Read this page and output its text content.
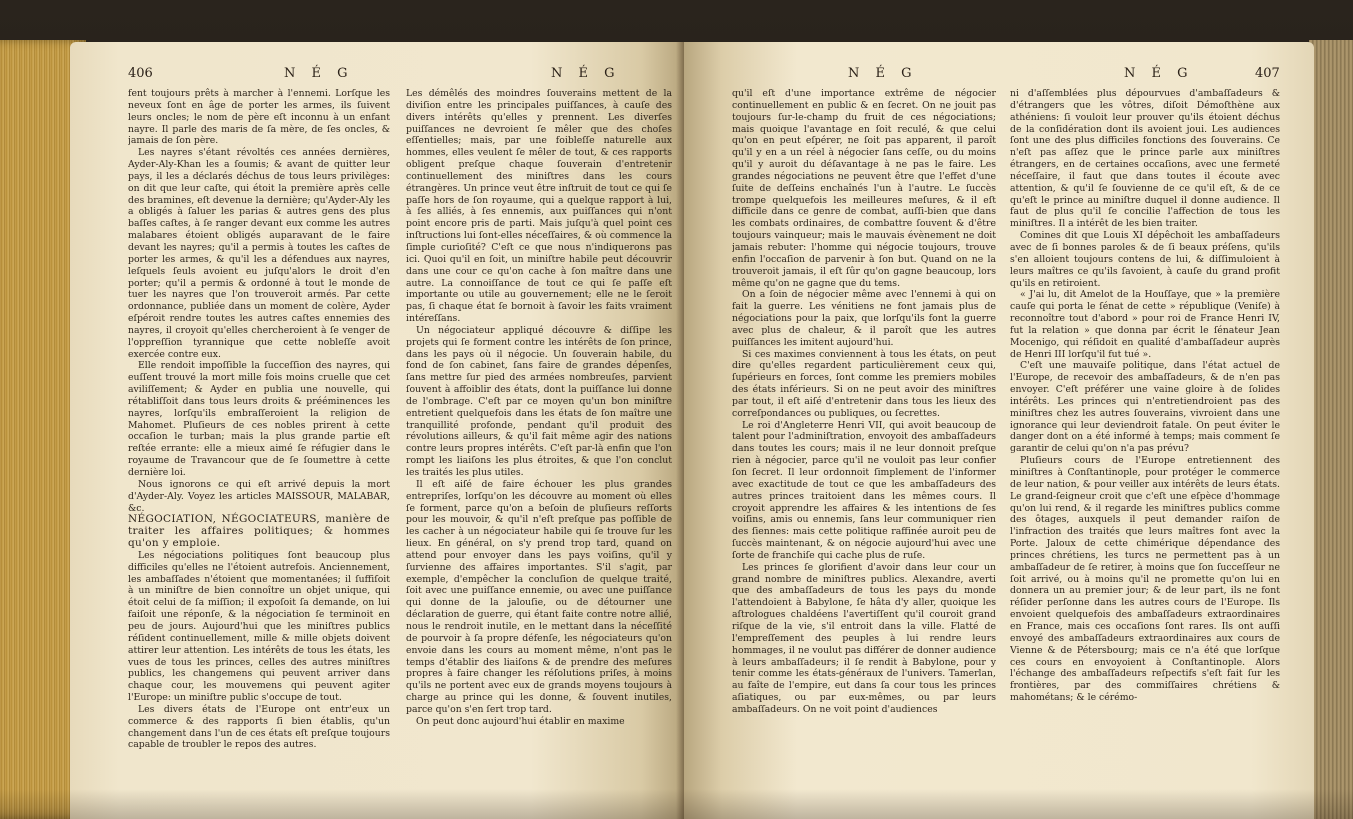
406	N É G	N É G

fent toujours prêts à marcher à l'ennemi. Lorſque les neveux ſont en âge de porter les armes, ils ſuivent leurs oncles; le nom de père eſt inconnu à un enfant nayre. Il parle des maris de ſa mère, de ſes oncles, & jamais de ſon père.

Les nayres s'étant révoltés ces années dernières, Ayder-Aly-Khan les a ſoumis; & avant de quitter leur pays, il les a déclarés déchus de tous leurs privilèges: on dit que leur caſte, qui étoit la première après celle des bramines, eſt devenue la dernière; qu'Ayder-Aly les a obligés à ſaluer les parias & autres gens des plus baſſes caſtes, à ſe ranger devant eux comme les autres malabares étoient obligés auparavant de le faire devant les nayres; qu'il a permis à toutes les caſtes de porter les armes, & qu'il les a défendues aux nayres, leſquels ſeuls avoient eu juſqu'alors le droit d'en porter; qu'il a permis & ordonné à tout le monde de tuer les nayres que l'on trouveroit armés. Par cette ordonnance, publiée dans un moment de colère, Ayder eſpéroit rendre toutes les autres caſtes ennemies des nayres, il croyoit qu'elles chercheroient à ſe venger de l'oppreſſion tyrannique que cette nobleſſe avoit exercée contre eux.

Elle rendoit impoſſible la ſucceſſion des nayres, qui euſſent trouvé la mort mille fois moins cruelle que cet aviliſſement; & Ayder en publia une nouvelle, qui rétabliſſoit dans tous leurs droits & prééminences les nayres, lorſqu'ils embraſſeroient la religion de Mahomet. Pluſieurs de ces nobles prirent à cette occaſion le turban; mais la plus grande partie eſt reſtée errante: elle a mieux aimé ſe réfugier dans le royaume de Travancour que de ſe ſoumettre à cette dernière loi.

Nous ignorons ce qui eſt arrivé depuis la mort d'Ayder-Aly. Voyez les articles MAISSOUR, MALABAR, &c.

NÉGOCIATION, NÉGOCIATEURS, manière de traiter les affaires politiques; & hommes qu'on y emploie.

Les négociations politiques ſont beaucoup plus difficiles qu'elles ne l'étoient autrefois. Anciennement, les ambaſſades n'étoient que momentanées; il ſuffiſoit à un miniſtre de bien connoître un objet unique, qui étoit celui de ſa miſſion; il expoſoit ſa demande, on lui faiſoit une réponſe, & la négociation ſe terminoit en peu de jours. Aujourd'hui que les miniſtres publics réſident continuellement, mille & mille objets doivent attirer leur attention. Les intérêts de tous les états, les vues de tous les princes, celles des autres miniſtres publics, les changemens qui peuvent arriver dans chaque cour, les mouvemens qui peuvent agiter l'Europe: un miniſtre public s'occupe de tout.

Les divers états de l'Europe ont entr'eux un commerce & des rapports ſi bien établis, qu'un changement dans l'un de ces états eſt preſque toujours capable de troubler le repos des autres.

Les démêlés des moindres ſouverains mettent de la diviſion entre les principales puiſſances, à cauſe des divers intérêts qu'elles y prennent. Les diverſes puiſſances ne devroient ſe mêler que des choſes eſſentielles; mais, par une foibleſſe naturelle aux hommes, elles veulent ſe mêler de tout, & ces rapports obligent preſque chaque ſouverain d'entretenir continuellement des miniſtres dans les cours étrangères. Un prince veut être inſtruit de tout ce qui ſe paſſe hors de ſon royaume, qui a quelque rapport à lui, à ſes alliés, à ſes ennemis, aux puiſſances qui n'ont point encore pris de parti. Mais juſqu'à quel point ces inſtructions lui ſont-elles néceſſaires, & où commence la ſimple curioſité? C'eſt ce que nous n'indiquerons pas ici. Quoi qu'il en ſoit, un miniſtre habile peut découvrir dans une cour ce qu'on cache à ſon maître dans une autre. La connoiſſance de tout ce qui ſe paſſe eſt importante ou utile au gouvernement; elle ne le ſeroit pas, ſi chaque état ſe bornoit à ſavoir les faits vraiment intéreſſans.

Un négociateur appliqué découvre & diſſipe les projets qui ſe forment contre les intérêts de ſon prince, dans les pays où il négocie. Un ſouverain habile, du fond de ſon cabinet, ſans faire de grandes dépenſes, ſans mettre ſur pied des armées nombreuſes, parvient ſouvent à affoiblir des états, dont la puiſſance lui donne de l'ombrage. C'eſt par ce moyen qu'un bon miniſtre entretient quelquefois dans les états de ſon maître une tranquillité profonde, pendant qu'il produit des révolutions ailleurs, & qu'il fait même agir des nations contre leurs propres intérêts. C'eſt par-là enfin que l'on rompt les liaiſons les plus étroites, & que l'on conclut les traités les plus utiles.

Il eſt aiſé de faire échouer les plus grandes entrepriſes, lorſqu'on les découvre au moment où elles ſe forment, parce qu'on a beſoin de pluſieurs reſſorts pour les mouvoir, & qu'il n'eſt preſque pas poſſible de les cacher à un négociateur habile qui ſe trouve ſur les lieux. En général, on s'y prend trop tard, quand on attend pour envoyer dans les pays voiſins, qu'il y ſurvienne des affaires importantes. S'il s'agit, par exemple, d'empêcher la concluſion de quelque traité, ſoit avec une puiſſance ennemie, ou avec une puiſſance qui donne de la jalouſie, ou de détourner une déclaration de guerre, qui étant faite contre notre allié, nous le rendroit inutile, en le mettant dans la néceſſité de pourvoir à ſa propre défenſe, les négociateurs qu'on envoie dans les cours au moment même, n'ont pas le temps d'établir des liaiſons & de prendre des meſures propres à faire changer les réſolutions priſes, à moins qu'ils ne portent avec eux de grands moyens toujours à charge au prince qui les donne, & ſouvent inutiles, parce qu'on s'en ſert trop tard.

On peut donc aujourd'hui établir en maxime

N É G	N É G	407

qu'il eſt d'une importance extrême de négocier continuellement en public & en ſecret. On ne jouit pas toujours ſur-le-champ du fruit de ces négociations; mais quoique l'avantage en ſoit reculé, & que celui qu'on en peut eſpérer, ne ſoit pas apparent, il paroît qu'il y en a un réel à négocier ſans ceſſe, ou du moins qu'il y auroit du déſavantage à ne pas le faire. Les grandes négociations ne peuvent être que l'effet d'une ſuite de deſſeins enchaînés l'un à l'autre. Le ſuccès trompe quelquefois les meilleures meſures, & il eſt difficile dans ce genre de combat, auſſi-bien que dans les combats ordinaires, de combattre ſouvent & d'être toujours vainqueur; mais le mauvais évènement ne doit jamais rebuter: l'homme qui négocie toujours, trouve enfin l'occaſion de parvenir à ſon but. Quand on ne la trouveroit jamais, il eſt ſûr qu'on gagne beaucoup, lors même qu'on ne gagne que du tems.

On a ſoin de négocier même avec l'ennemi à qui on fait la guerre. Les vénitiens ne font jamais plus de négociations pour la paix, que lorſqu'ils font la guerre avec plus de chaleur, & il paroît que les autres puiſſances les imitent aujourd'hui.

Si ces maximes conviennent à tous les états, on peut dire qu'elles regardent particulièrement ceux qui, ſupérieurs en forces, ſont comme les premiers mobiles des états inférieurs. Si on ne peut avoir des miniſtres par tout, il eſt aiſé d'entretenir dans tous les lieux des correſpondances ou publiques, ou ſecrettes.

Le roi d'Angleterre Henri VII, qui avoit beaucoup de talent pour l'adminiſtration, envoyoit des ambaſſadeurs dans toutes les cours; mais il ne leur donnoit preſque rien à négocier, parce qu'il ne vouloit pas leur confier ſon ſecret. Il leur ordonnoit ſimplement de l'informer avec exactitude de tout ce que les ambaſſadeurs des autres princes traitoient dans les mêmes cours. Il croyoit apprendre les affaires & les intentions de ſes voiſins, amis ou ennemis, ſans leur communiquer rien des ſiennes: mais cette politique raffinée auroit peu de ſuccès maintenant, & on négocie aujourd'hui avec une ſorte de franchiſe qui cache plus de ruſe.

Les princes ſe glorifient d'avoir dans leur cour un grand nombre de miniſtres publics. Alexandre, averti que des ambaſſadeurs de tous les pays du monde l'attendoient à Babylone, ſe hâta d'y aller, quoique les aſtrologues chaldéens l'avertiſſent qu'il couroit grand riſque de la vie, s'il entroit dans la ville. Flatté de l'empreſſement des peuples à lui rendre leurs hommages, il ne voulut pas différer de donner audience à leurs ambaſſadeurs; il ſe rendit à Babylone, pour y tenir comme les états-généraux de l'univers. Tamerlan, au faîte de l'empire, eut dans ſa cour tous les princes aſiatiques, ou par eux-mêmes, ou par leurs ambaſſadeurs. On ne voit point d'audiences

ni d'aſſemblées plus dépourvues d'ambaſſadeurs & d'étrangers que les vôtres, diſoit Démoſthène aux athéniens: ſi vouloit leur prouver qu'ils étoient déchus de la conſidération dont ils avoient joui. Les audiences ſont une des plus difficiles fonctions des ſouverains. Ce n'eſt pas aſſez que le prince parle aux miniſtres étrangers, en de certaines occaſions, avec une fermeté néceſſaire, il faut que dans toutes il écoute avec attention, & qu'il ſe ſouvienne de ce qu'il eſt, & de ce qu'eſt le prince au miniſtre duquel il donne audience. Il faut de plus qu'il ſe concilie l'affection de tous les miniſtres. Il a intérêt de les bien traiter.

Comines dit que Louis XI dépêchoit les ambaſſadeurs avec de ſi bonnes paroles & de ſi beaux préſens, qu'ils s'en alloient toujours contens de lui, & diſſimuloient à leurs maîtres ce qu'ils ſavoient, à cauſe du grand profit qu'ils en retiroient.

« J'ai lu, dit Amelot de la Houſſaye, que » la première cauſe qui porta le ſénat de cette » république (Veniſe) à reconnoître tout d'abord » pour roi de France Henri IV, fut la relation » que donna par écrit le ſénateur Jean Mocenigo, qui réſidoit en qualité d'ambaſſadeur auprès de Henri III lorſqu'il fut tué ».

C'eſt une mauvaiſe politique, dans l'état actuel de l'Europe, de recevoir des ambaſſadeurs, & de n'en pas envoyer. C'eſt préférer une vaine gloire à de ſolides intérêts. Les princes qui n'entretiendroient pas des miniſtres chez les autres ſouverains, vivroient dans une ignorance qui leur deviendroit fatale. On peut éviter le danger dont on a été informé à temps; mais comment ſe garantir de celui qu'on n'a pas prévu?

Pluſieurs cours de l'Europe entretiennent des miniſtres à Conſtantinople, pour protéger le commerce de leur nation, & pour veiller aux intérêts de leurs états. Le grand-ſeigneur croit que c'eſt une eſpèce d'hommage qu'on lui rend, & il regarde les miniſtres publics comme des ôtages, auxquels il peut demander raiſon de l'infraction des traités que leurs maîtres font avec la Porte. Jaloux de cette chimérique dépendance des princes chrétiens, les turcs ne permettent pas à un ambaſſadeur de ſe retirer, à moins que ſon ſucceſſeur ne ſoit arrivé, ou à moins qu'il ne promette qu'on lui en donnera un au premier jour; & de leur part, ils ne font réſider perſonne dans les autres cours de l'Europe. Ils envoient quelquefois des ambaſſadeurs extraordinaires en France, mais ces occaſions ſont rares. Ils ont auſſi envoyé des ambaſſadeurs extraordinaires aux cours de Vienne & de Pétersbourg; mais ce n'a été que lorſque ces cours en envoyoient à Conſtantinople. Alors l'échange des ambaſſadeurs reſpectifs s'eſt fait ſur les frontières, par des commiſſaires chrétiens & mahométans; & le cérémo-
